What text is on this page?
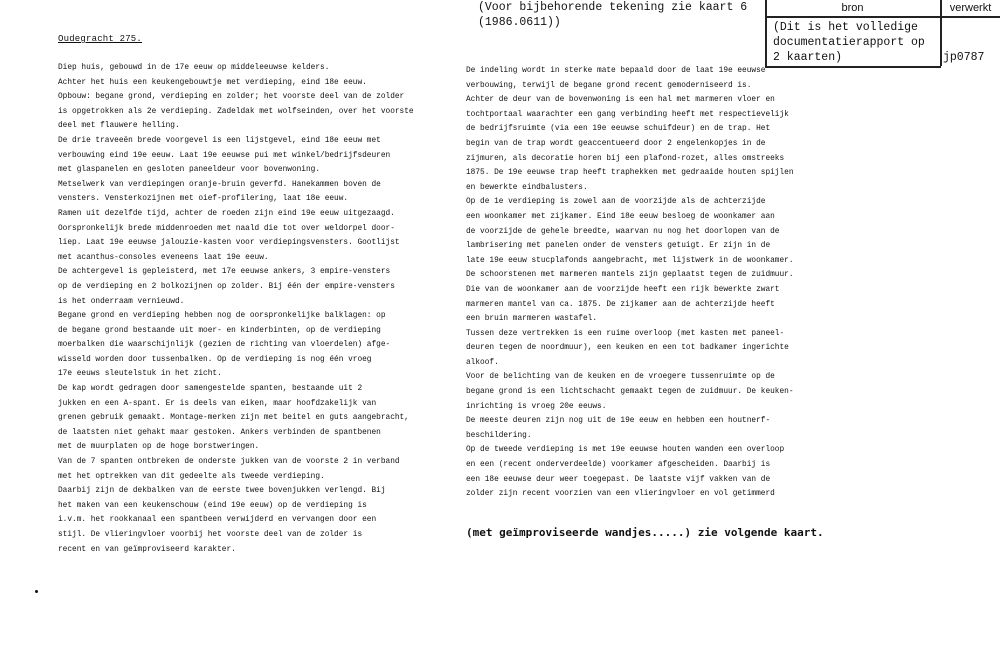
bron	verwerkt
(Voor bijbehorende tekening zie kaart 6
(1986.0611))	(Dit is het volledige
documentatierapport op
2 kaarten)	jp0787
Oudegracht 275.
Diep huis, gebouwd in de 17e eeuw op middeleeuwse kelders.
Achter het huis een keukengebouwtje met verdieping, eind 18e eeuw.
Opbouw: begane grond, verdieping en zolder; het voorste deel van de zolder
is opgetrokken als 2e verdieping. Zadeldak met wolfseinden, over het voorste
deel met flauwere helling.
De drie traveeën brede voorgevel is een lijstgevel, eind 18e eeuw met
verbouwing eind 19e eeuw. Laat 19e eeuwse pui met winkel/bedrijfsdeuren
met glaspanelen en gesloten paneeldeur voor bovenwoning.
Metselwerk van verdiepingen oranje-bruin geverfd. Hanekammen boven de
vensters. Vensterkozijnen met oief-profilering, laat 18e eeuw.
Ramen uit dezelfde tijd, achter de roeden zijn eind 19e eeuw uitgezaagd.
Oorspronkelijk brede middenroeden met naald die tot over weldorpel door-
liep. Laat 19e eeuwse jalouzie-kasten voor verdiepingsvensters. Gootlijst
met acanthus-consoles eveneens laat 19e eeuw.
De achtergevel is gepleisterd, met 17e eeuwse ankers, 3 empire-vensters
op de verdieping en 2 bolkozijnen op zolder. Bij één der empire-vensters
is het onderraam vernieuwd.
Begane grond en verdieping hebben nog de oorspronkelijke balklagen: op
de begane grond bestaande uit moer- en kinderbinten, op de verdieping
moerbalken die waarschijnlijk (gezien de richting van vloerdelen) afge-
wisseld worden door tussenbalken. Op de verdieping is nog één vroeg
17e eeuws sleutelstuk in het zicht.
De kap wordt gedragen door samengestelde spanten, bestaande uit 2
jukken en een A-spant. Er is deels van eiken, maar hoofdzakelijk van
grenen gebruik gemaakt. Montage-merken zijn met beitel en guts aangebracht,
de laatsten niet gehakt maar gestoken. Ankers verbinden de spantbenen
met de muurplaten op de hoge borstweringen.
Van de 7 spanten ontbreken de onderste jukken van de voorste 2 in verband
met het optrekken van dit gedeelte als tweede verdieping.
Daarbij zijn de dekbalken van de eerste twee bovenjukken verlengd. Bij
het maken van een keukenschouw (eind 19e eeuw) op de verdieping is
i.v.m. het rookkanaal een spantbeen verwijderd en vervangen door een
stijl. De vlieringvloer voorbij het voorste deel van de zolder is
recent en van geïmproviseerd karakter.
De indeling wordt in sterke mate bepaald door de laat 19e eeuwse
verbouwing, terwijl de begane grond recent gemoderniseerd is.
Achter de deur van de bovenwoning is een hal met marmeren vloer en
tochtportaal waarachter een gang verbinding heeft met respectievelijk
de bedrijfsruimte (via een 19e eeuwse schuifdeur) en de trap. Het
begin van de trap wordt geaccentueerd door 2 engelenkopjes in de
zijmuren, als decoratie horen bij een plafond-rozet, alles omstreeks
1875. De 19e eeuwse trap heeft traphekken met gedraaide houten spijlen
en bewerkte eindbalusters.
Op de 1e verdieping is zowel aan de voorzijde als de achterzijde
een woonkamer met zijkamer. Eind 18e eeuw besloeg de woonkamer aan
de voorzijde de gehele breedte, waarvan nu nog het doorlopen van de
lambrisering met panelen onder de vensters getuigt. Er zijn in de
late 19e eeuw stucplafonds aangebracht, met lijstwerk in de woonkamer.
De schoorstenen met marmeren mantels zijn geplaatst tegen de zuidmuur.
Die van de woonkamer aan de voorzijde heeft een rijk bewerkte zwart
marmeren mantel van ca. 1875. De zijkamer aan de achterzijde heeft
een bruin marmeren wastafel.
Tussen deze vertrekken is een ruime overloop (met kasten met paneel-
deuren tegen de noordmuur), een keuken en een tot badkamer ingerichte
alkoof.
Voor de belichting van de keuken en de vroegere tussenruimte op de
begane grond is een lichtschacht gemaakt tegen de zuidmuur. De keuken-
inrichting is vroeg 20e eeuws.
De meeste deuren zijn nog uit de 19e eeuw en hebben een houtnerf-
beschildering.
Op de tweede verdieping is met 19e eeuwse houten wanden een overloop
en een (recent onderverdeelde) voorkamer afgescheiden. Daarbij is
een 18e eeuwse deur weer toegepast. De laatste vijf vakken van de
zolder zijn recent voorzien van een vlieringvloer en vol getimmerd
(met geïmproviseerde wandjes.....) zie volgende kaart.
